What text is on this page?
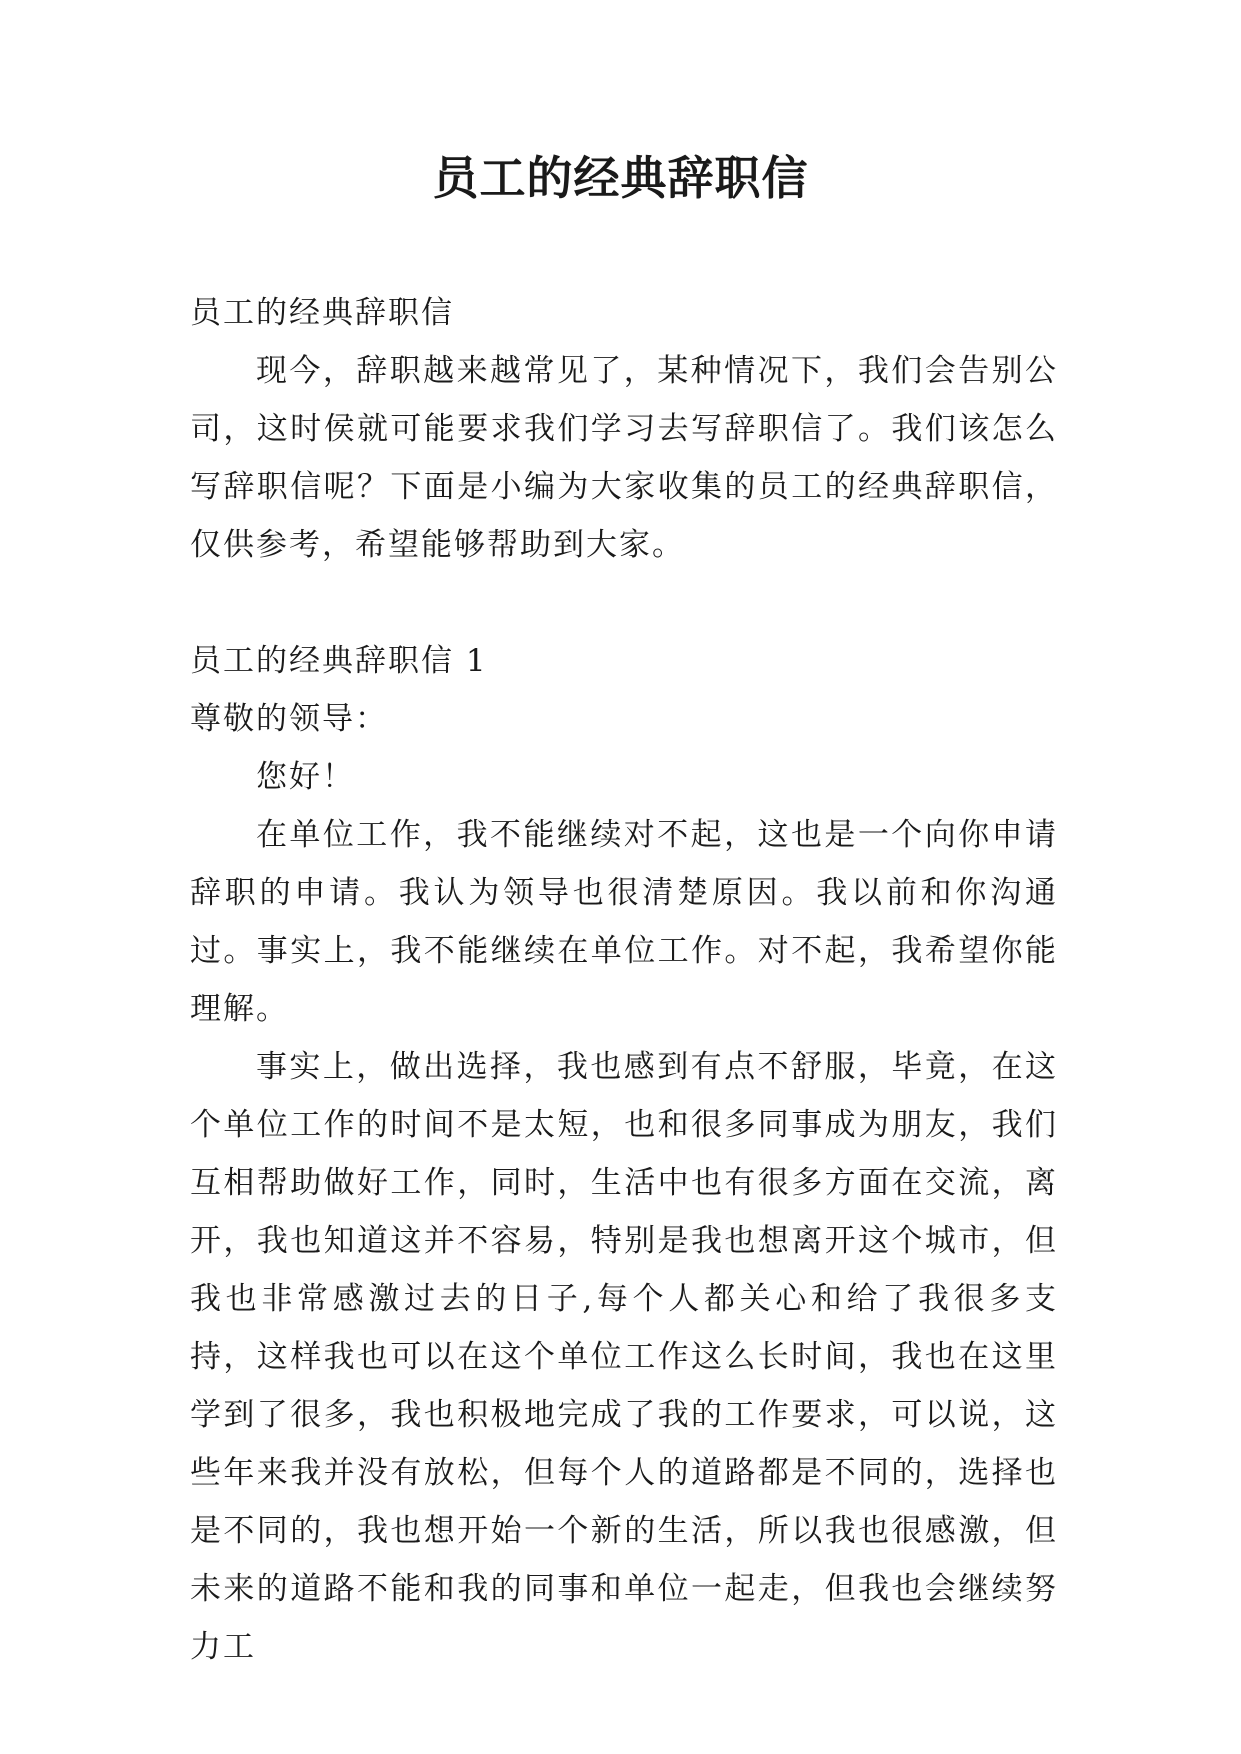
员工的经典辞职信

员工的经典辞职信

现今，辞职越来越常见了，某种情况下，我们会告别公司，这时侯就可能要求我们学习去写辞职信了。我们该怎么写辞职信呢？下面是小编为大家收集的员工的经典辞职信，仅供参考，希望能够帮助到大家。

员工的经典辞职信 1

尊敬的领导：

您好！

在单位工作，我不能继续对不起，这也是一个向你申请辞职的申请。我认为领导也很清楚原因。我以前和你沟通过。事实上，我不能继续在单位工作。对不起，我希望你能理解。

事实上，做出选择，我也感到有点不舒服，毕竟，在这个单位工作的时间不是太短，也和很多同事成为朋友，我们互相帮助做好工作，同时，生活中也有很多方面在交流，离开，我也知道这并不容易，特别是我也想离开这个城市，但我也非常感激过去的日子,每个人都关心和给了我很多支持，这样我也可以在这个单位工作这么长时间，我也在这里学到了很多，我也积极地完成了我的工作要求，可以说，这些年来我并没有放松，但每个人的道路都是不同的，选择也是不同的，我也想开始一个新的生活，所以我也很感激，但未来的道路不能和我的同事和单位一起走，但我也会继续努力工
